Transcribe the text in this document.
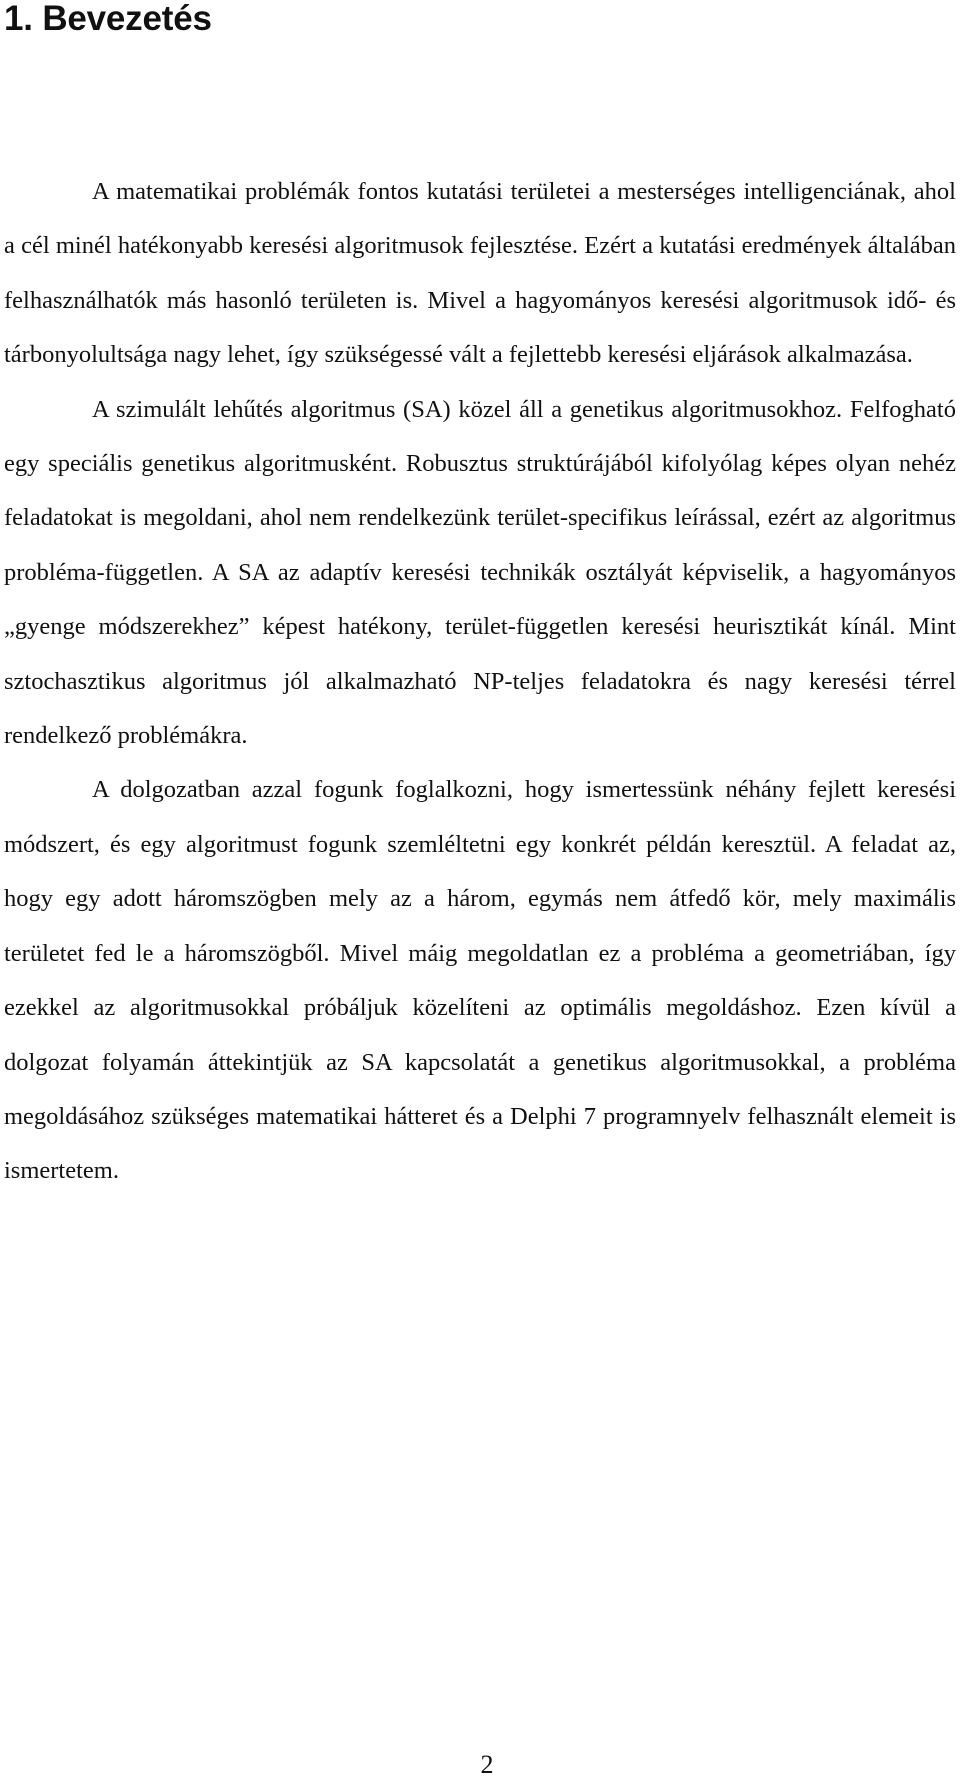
1. Bevezetés

A matematikai problémák fontos kutatási területei a mesterséges intelligenciának, ahol a cél minél hatékonyabb keresési algoritmusok fejlesztése. Ezért a kutatási eredmények általában felhasználhatók más hasonló területen is. Mivel a hagyományos keresési algoritmusok idő- és tárbonyolultsága nagy lehet, így szükségessé vált a fejlettebb keresési eljárások alkalmazása.

A szimulált lehűtés algoritmus (SA) közel áll a genetikus algoritmusokhoz. Felfogható egy speciális genetikus algoritmusként. Robusztus struktúrájából kifolyólag képes olyan nehéz feladatokat is megoldani, ahol nem rendelkezünk terület-specifikus leírással, ezért az algoritmus probléma-független. A SA az adaptív keresési technikák osztályát képviselik, a hagyományos „gyenge módszerekhez” képest hatékony, terület-független keresési heurisztikát kínál. Mint sztochasztikus algoritmus jól alkalmazható NP-teljes feladatokra és nagy keresési térrel rendelkező problémákra.

A dolgozatban azzal fogunk foglalkozni, hogy ismertessünk néhány fejlett keresési módszert, és egy algoritmust fogunk szemléltetni egy konkrét példán keresztül. A feladat az, hogy egy adott háromszögben mely az a három, egymás nem átfedő kör, mely maximális területet fed le a háromszögből. Mivel máig megoldatlan ez a probléma a geometriában, így ezekkel az algoritmusokkal próbáljuk közelíteni az optimális megoldáshoz. Ezen kívül a dolgozat folyamán áttekintjük az SA kapcsolatát a genetikus algoritmusokkal, a probléma megoldásához szükséges matematikai hátteret és a Delphi 7 programnyelv felhasznált elemeit is ismertetem.

2
